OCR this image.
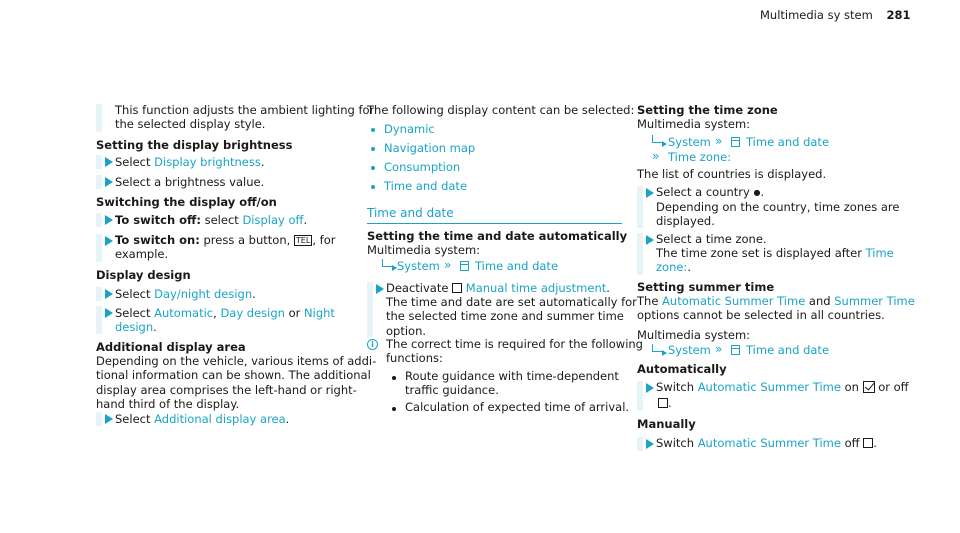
Multimedia sy stem 281
This function adjusts the ambient lighting for
the selected display style.
Setting the display brightness
Select Display brightness.
Select a brightness value.
Switching the display off/on
To switch off: select Display off.
To switch on: press a button, TEL , for
example.
Display design
Select Day/night design.
Select Automatic, Day design or Night
design.
Additional display area
Depending on the vehicle, various items of addi-
tional information can be shown. The additional
display area comprises the left-hand or right-
hand third of the display.
Select Additional display area.
The following display content can be selected:
Dynamic
Navigation map
Consumption
Time and date
Time and date
Setting the time and date automatically
Multimedia system:
System » Time and date
Deactivate  Manual time adjustment.
The time and date are set automatically for
the selected time zone and summer time
option.
i	The correct time is required for the following
functions:
Route guidance with time-dependent
traffic guidance.
Calculation of expected time of arrival.
Setting the time zone
Multimedia system:
System » Time and date
» Time zone:
The list of countries is displayed.
Select a country ●.
Depending on the country, time zones are
displayed.
Select a time zone.
The time zone set is displayed after Time
zone:.
Setting summer time
The Automatic Summer Time and Summer Time
options cannot be selected in all countries.
Multimedia system:
System » Time and date
Automatically
Switch Automatic Summer Time on  or off
.
Manually
Switch Automatic Summer Time off .
